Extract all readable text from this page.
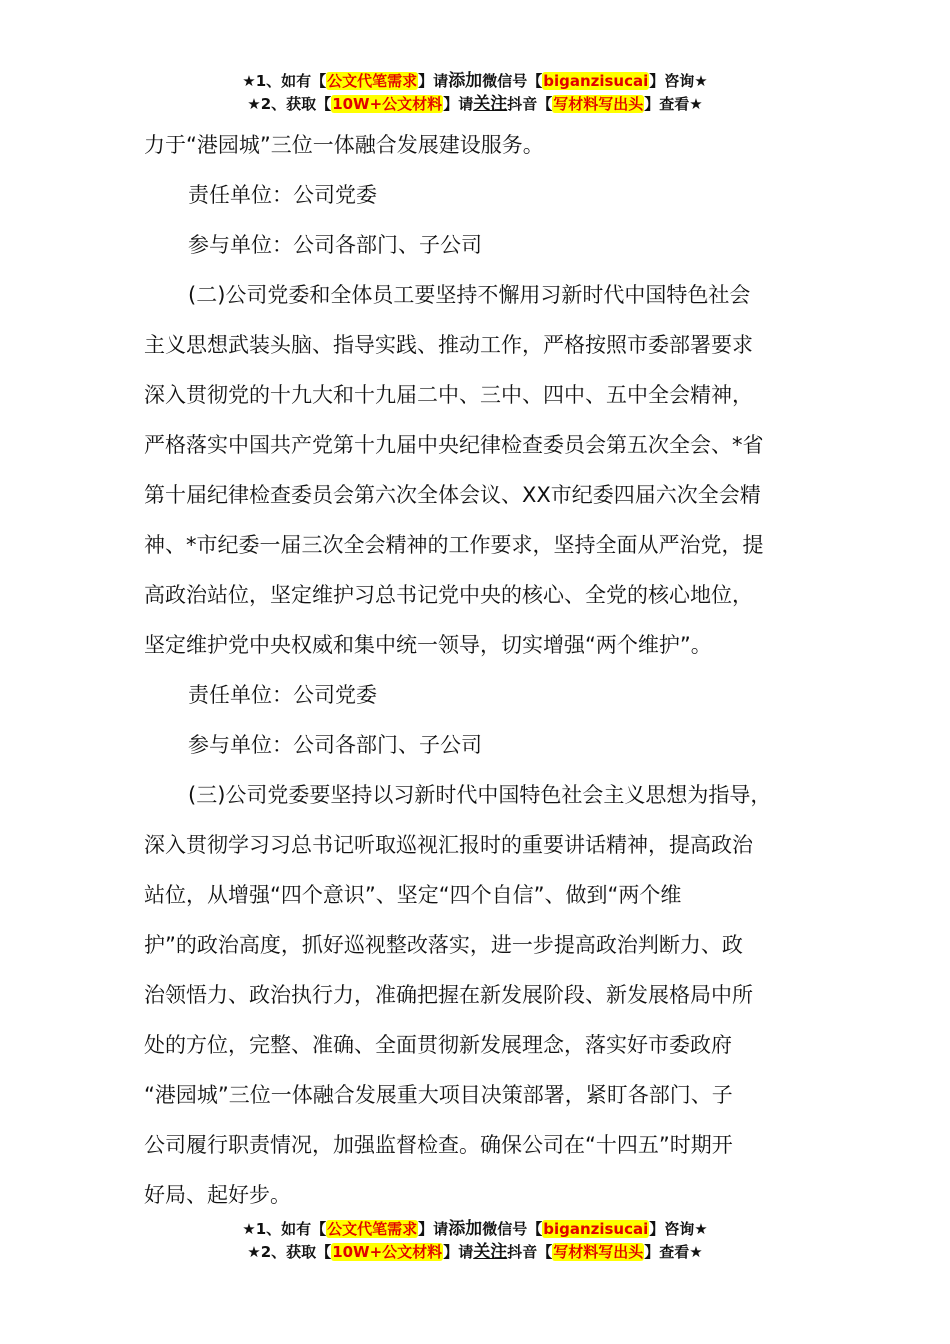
★1、如有【公文代笔需求】请添加微信号【biganzisucai】咨询★
★2、获取【10W+公文材料】请关注抖音【写材料写出头】查看★

力于“港园城”三位一体融合发展建设服务。

责任单位：公司党委

参与单位：公司各部门、子公司

(二)公司党委和全体员工要坚持不懈用习新时代中国特色社会

主义思想武装头脑、指导实践、推动工作，严格按照市委部署要求

深入贯彻党的十九大和十九届二中、三中、四中、五中全会精神，

严格落实中国共产党第十九届中央纪律检查委员会第五次全会、*省

第十届纪律检查委员会第六次全体会议、XX市纪委四届六次全会精

神、*市纪委一届三次全会精神的工作要求，坚持全面从严治党，提

高政治站位，坚定维护习总书记党中央的核心、全党的核心地位，

坚定维护党中央权威和集中统一领导，切实增强“两个维护”。

责任单位：公司党委

参与单位：公司各部门、子公司

(三)公司党委要坚持以习新时代中国特色社会主义思想为指导，

深入贯彻学习习总书记听取巡视汇报时的重要讲话精神，提高政治

站位，从增强“四个意识”、坚定“四个自信”、做到“两个维

护”的政治高度，抓好巡视整改落实，进一步提高政治判断力、政

治领悟力、政治执行力，准确把握在新发展阶段、新发展格局中所

处的方位，完整、准确、全面贯彻新发展理念，落实好市委政府

“港园城”三位一体融合发展重大项目决策部署，紧盯各部门、子

公司履行职责情况，加强监督检查。确保公司在“十四五”时期开

好局、起好步。

★1、如有【公文代笔需求】请添加微信号【biganzisucai】咨询★
★2、获取【10W+公文材料】请关注抖音【写材料写出头】查看★
